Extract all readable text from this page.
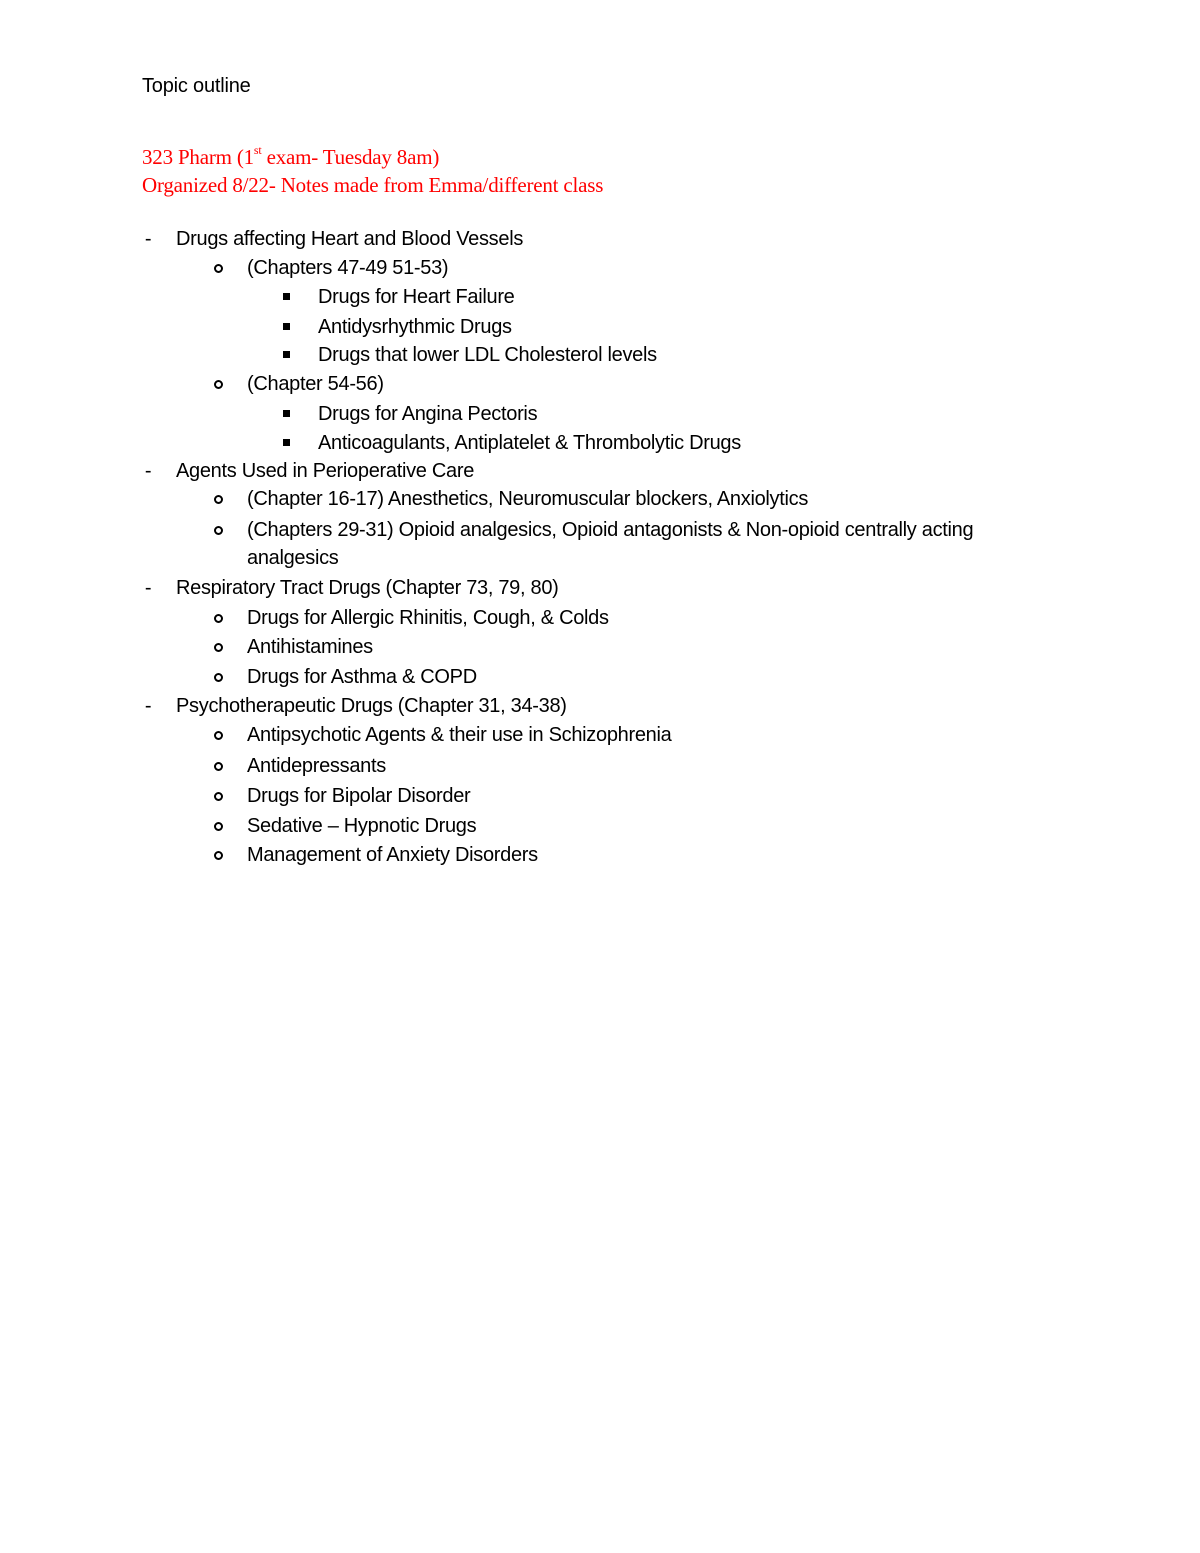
Topic outline
323 Pharm (1st exam- Tuesday 8am)
Organized 8/22- Notes made from Emma/different class
- Drugs affecting Heart and Blood Vessels
(Chapters 47-49 51-53)
Drugs for Heart Failure
Antidysrhythmic Drugs
Drugs that lower LDL Cholesterol levels
(Chapter 54-56)
Drugs for Angina Pectoris
Anticoagulants, Antiplatelet & Thrombolytic Drugs
- Agents Used in Perioperative Care
(Chapter 16-17) Anesthetics, Neuromuscular blockers, Anxiolytics
(Chapters 29-31) Opioid analgesics, Opioid antagonists & Non-opioid centrally acting
analgesics
- Respiratory Tract Drugs (Chapter 73, 79, 80)
Drugs for Allergic Rhinitis, Cough, & Colds
Antihistamines
Drugs for Asthma & COPD
- Psychotherapeutic Drugs (Chapter 31, 34-38)
Antipsychotic Agents & their use in Schizophrenia
Antidepressants
Drugs for Bipolar Disorder
Sedative – Hypnotic Drugs
Management of Anxiety Disorders
